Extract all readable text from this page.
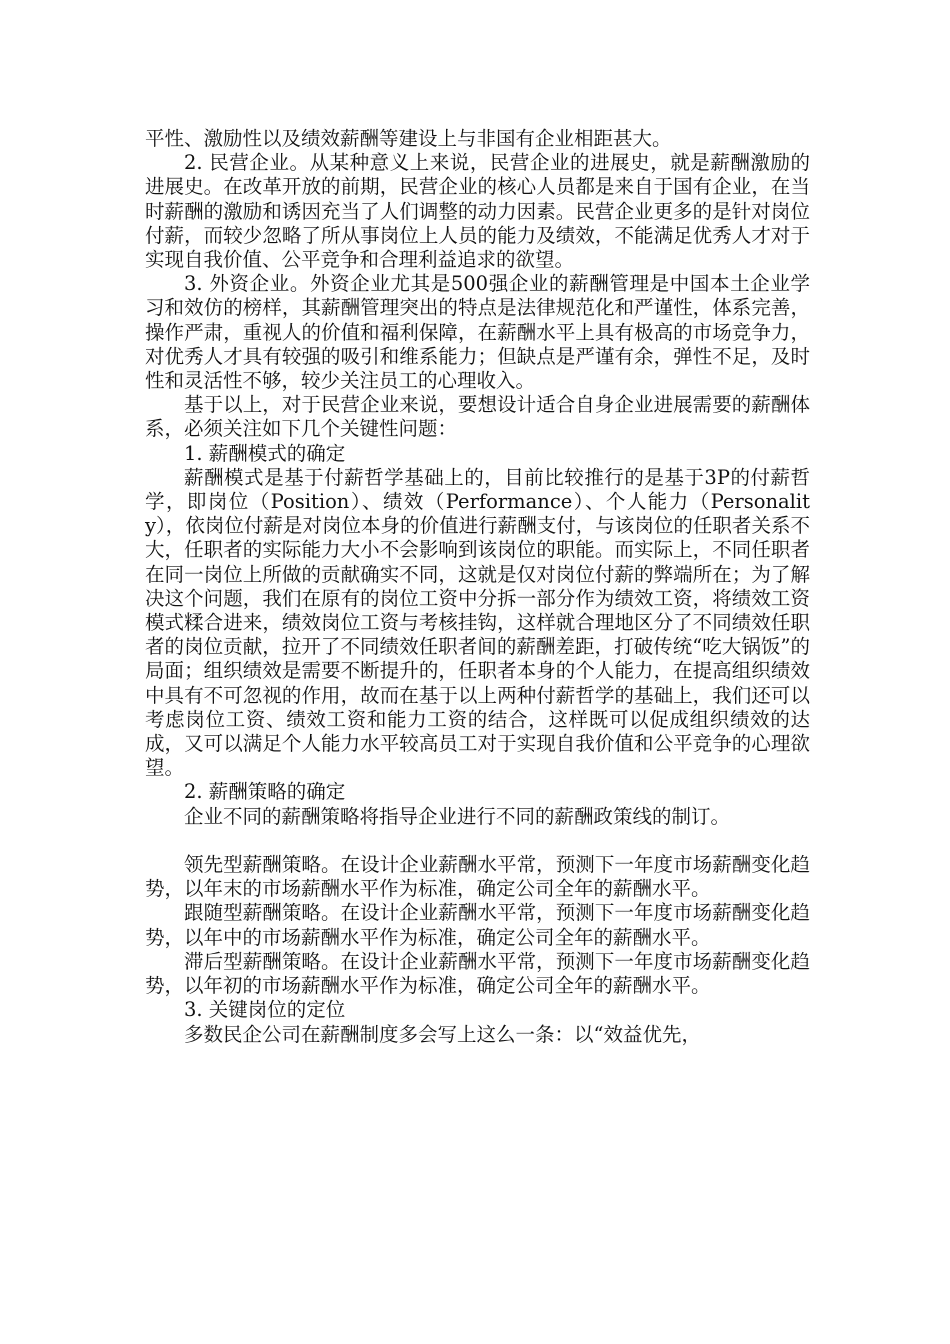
平性、激励性以及绩效薪酬等建设上与非国有企业相距甚大。

2. 民营企业。从某种意义上来说，民营企业的进展史，就是薪酬激励的进展史。在改革开放的前期，民营企业的核心人员都是来自于国有企业，在当时薪酬的激励和诱因充当了人们调整的动力因素。民营企业更多的是针对岗位付薪，而较少忽略了所从事岗位上人员的能力及绩效，不能满足优秀人才对于实现自我价值、公平竞争和合理利益追求的欲望。

3. 外资企业。外资企业尤其是500强企业的薪酬管理是中国本土企业学习和效仿的榜样，其薪酬管理突出的特点是法律规范化和严谨性，体系完善，操作严肃，重视人的价值和福利保障，在薪酬水平上具有极高的市场竞争力，对优秀人才具有较强的吸引和维系能力；但缺点是严谨有余，弹性不足，及时性和灵活性不够，较少关注员工的心理收入。

基于以上，对于民营企业来说，要想设计适合自身企业进展需要的薪酬体系，必须关注如下几个关键性问题：

1. 薪酬模式的确定

薪酬模式是基于付薪哲学基础上的，目前比较推行的是基于3P的付薪哲学，即岗位（Position）、绩效（Performance）、个人能力（Personality），依岗位付薪是对岗位本身的价值进行薪酬支付，与该岗位的任职者关系不大，任职者的实际能力大小不会影响到该岗位的职能。而实际上，不同任职者在同一岗位上所做的贡献确实不同，这就是仅对岗位付薪的弊端所在；为了解决这个问题，我们在原有的岗位工资中分拆一部分作为绩效工资，将绩效工资模式糅合进来，绩效岗位工资与考核挂钩，这样就合理地区分了不同绩效任职者的岗位贡献，拉开了不同绩效任职者间的薪酬差距，打破传统“吃大锅饭”的局面；组织绩效是需要不断提升的，任职者本身的个人能力，在提高组织绩效中具有不可忽视的作用，故而在基于以上两种付薪哲学的基础上，我们还可以考虑岗位工资、绩效工资和能力工资的结合，这样既可以促成组织绩效的达成，又可以满足个人能力水平较高员工对于实现自我价值和公平竞争的心理欲望。

2. 薪酬策略的确定

企业不同的薪酬策略将指导企业进行不同的薪酬政策线的制订。

领先型薪酬策略。在设计企业薪酬水平常，预测下一年度市场薪酬变化趋势，以年末的市场薪酬水平作为标准，确定公司全年的薪酬水平。

跟随型薪酬策略。在设计企业薪酬水平常，预测下一年度市场薪酬变化趋势，以年中的市场薪酬水平作为标准，确定公司全年的薪酬水平。

滞后型薪酬策略。在设计企业薪酬水平常，预测下一年度市场薪酬变化趋势，以年初的市场薪酬水平作为标准，确定公司全年的薪酬水平。

3. 关键岗位的定位

多数民企公司在薪酬制度多会写上这么一条：以“效益优先，
